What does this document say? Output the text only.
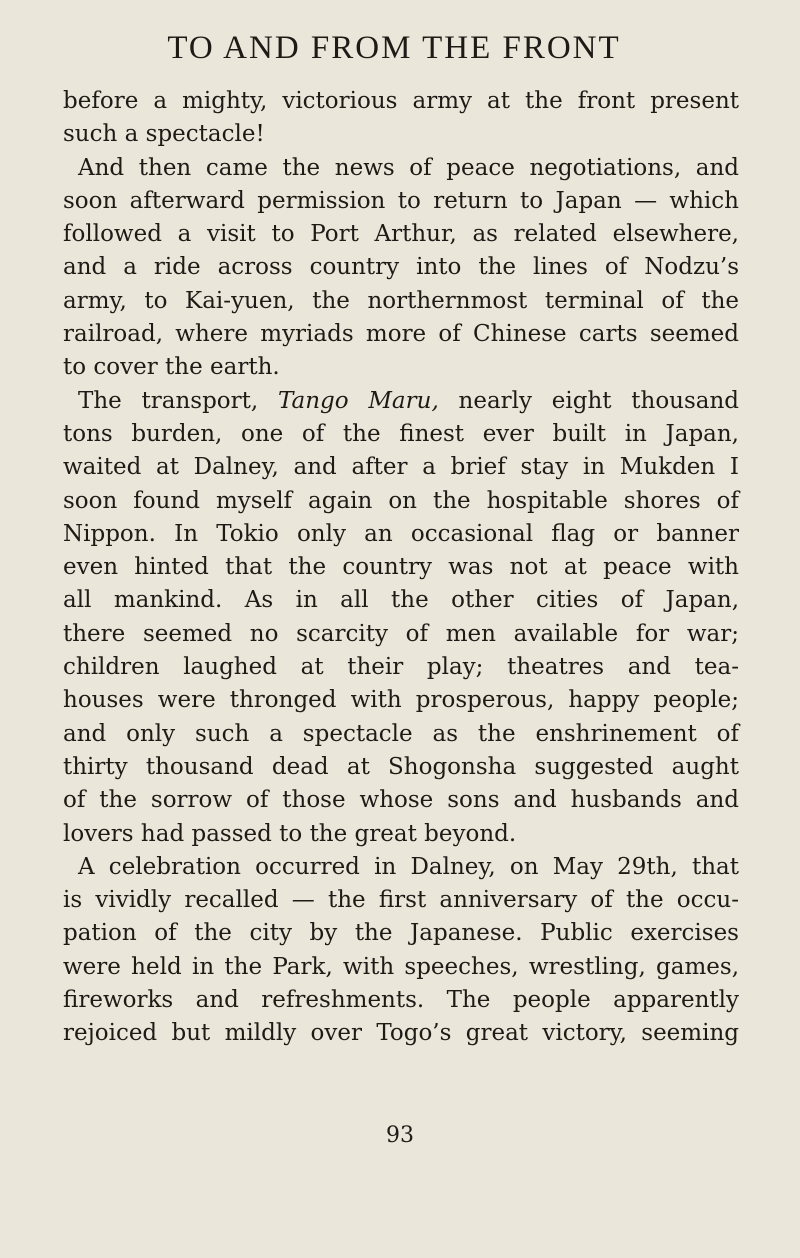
TO AND FROM THE FRONT
before a mighty, victorious army at the front present
such a spectacle!
And then came the news of peace negotiations, and
soon afterward permission to return to Japan — which
followed a visit to Port Arthur, as related elsewhere,
and a ride across country into the lines of Nodzu’s
army, to Kai-yuen, the northernmost terminal of the
railroad, where myriads more of Chinese carts seemed
to cover the earth.
The transport, Tango Maru, nearly eight thousand
tons burden, one of the finest ever built in Japan,
waited at Dalney, and after a brief stay in Mukden I
soon found myself again on the hospitable shores of
Nippon. In Tokio only an occasional flag or banner
even hinted that the country was not at peace with
all mankind. As in all the other cities of Japan,
there seemed no scarcity of men available for war;
children laughed at their play; theatres and tea-
houses were thronged with prosperous, happy people;
and only such a spectacle as the enshrinement of
thirty thousand dead at Shogonsha suggested aught
of the sorrow of those whose sons and husbands and
lovers had passed to the great beyond.
A celebration occurred in Dalney, on May 29th, that
is vividly recalled — the first anniversary of the occu-
pation of the city by the Japanese. Public exercises
were held in the Park, with speeches, wrestling, games,
fireworks and refreshments. The people apparently
rejoiced but mildly over Togo’s great victory, seeming
93
